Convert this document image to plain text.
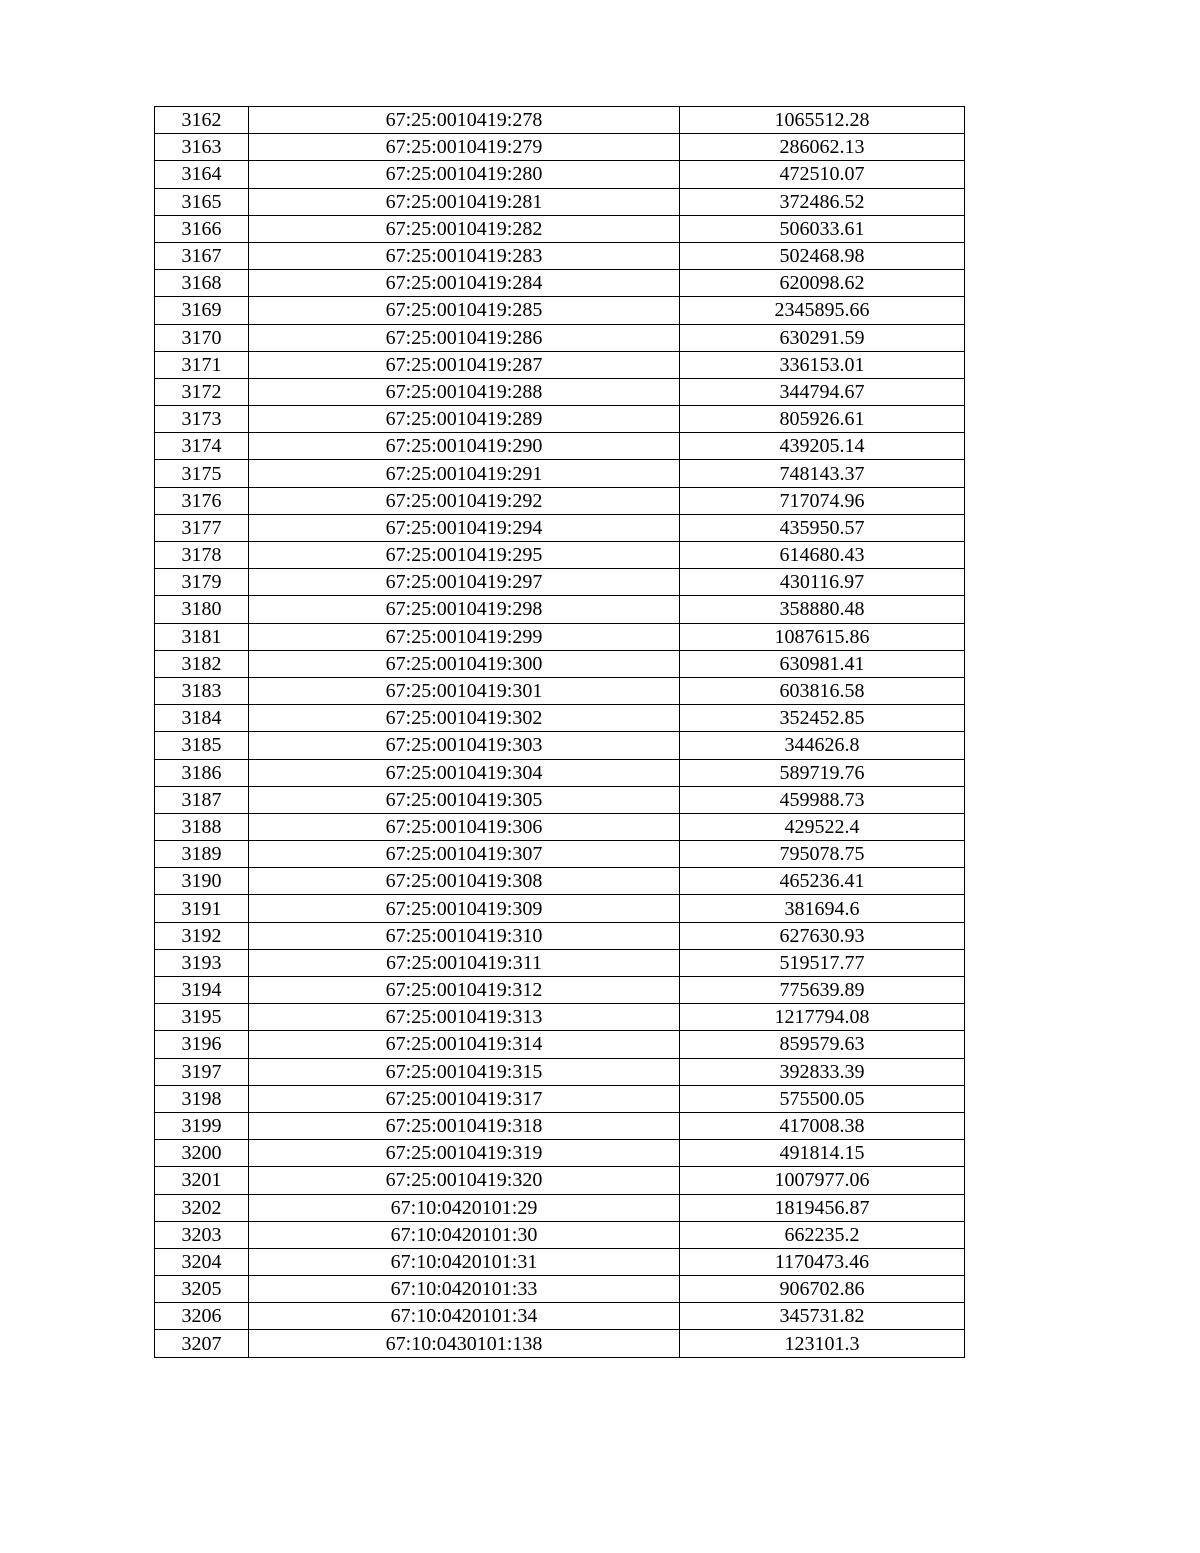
3162	67:25:0010419:278	1065512.28
3163	67:25:0010419:279	286062.13
3164	67:25:0010419:280	472510.07
3165	67:25:0010419:281	372486.52
3166	67:25:0010419:282	506033.61
3167	67:25:0010419:283	502468.98
3168	67:25:0010419:284	620098.62
3169	67:25:0010419:285	2345895.66
3170	67:25:0010419:286	630291.59
3171	67:25:0010419:287	336153.01
3172	67:25:0010419:288	344794.67
3173	67:25:0010419:289	805926.61
3174	67:25:0010419:290	439205.14
3175	67:25:0010419:291	748143.37
3176	67:25:0010419:292	717074.96
3177	67:25:0010419:294	435950.57
3178	67:25:0010419:295	614680.43
3179	67:25:0010419:297	430116.97
3180	67:25:0010419:298	358880.48
3181	67:25:0010419:299	1087615.86
3182	67:25:0010419:300	630981.41
3183	67:25:0010419:301	603816.58
3184	67:25:0010419:302	352452.85
3185	67:25:0010419:303	344626.8
3186	67:25:0010419:304	589719.76
3187	67:25:0010419:305	459988.73
3188	67:25:0010419:306	429522.4
3189	67:25:0010419:307	795078.75
3190	67:25:0010419:308	465236.41
3191	67:25:0010419:309	381694.6
3192	67:25:0010419:310	627630.93
3193	67:25:0010419:311	519517.77
3194	67:25:0010419:312	775639.89
3195	67:25:0010419:313	1217794.08
3196	67:25:0010419:314	859579.63
3197	67:25:0010419:315	392833.39
3198	67:25:0010419:317	575500.05
3199	67:25:0010419:318	417008.38
3200	67:25:0010419:319	491814.15
3201	67:25:0010419:320	1007977.06
3202	67:10:0420101:29	1819456.87
3203	67:10:0420101:30	662235.2
3204	67:10:0420101:31	1170473.46
3205	67:10:0420101:33	906702.86
3206	67:10:0420101:34	345731.82
3207	67:10:0430101:138	123101.3
